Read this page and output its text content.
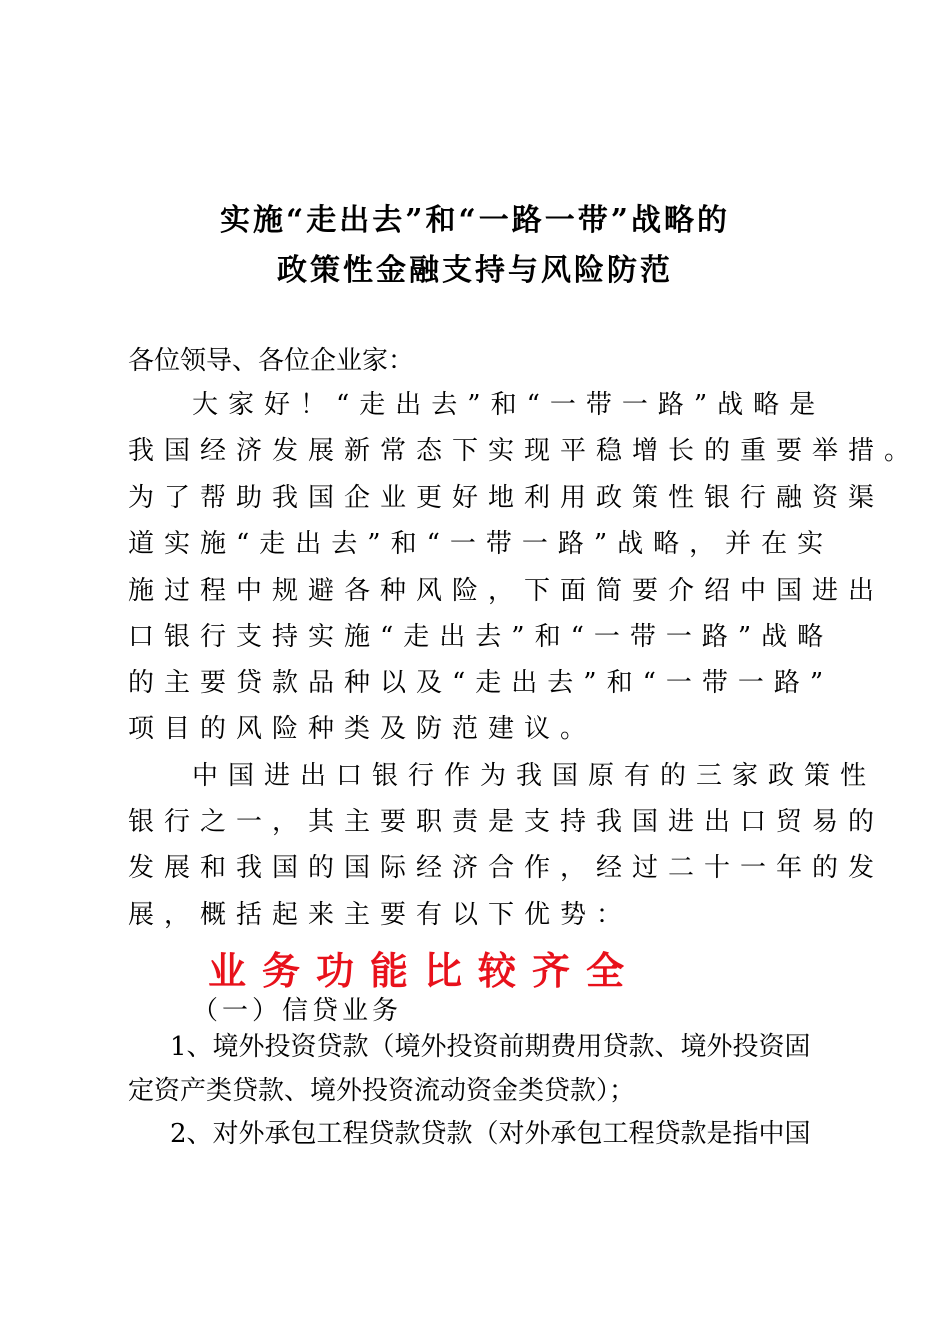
实施“走出去”和“一路一带”战略的
政策性金融支持与风险防范
各位领导、各位企业家：
大家好！“走出去”和“一带一路”战略是
我国经济发展新常态下实现平稳增长的重要举措。
为了帮助我国企业更好地利用政策性银行融资渠
道实施“走出去”和“一带一路”战略，并在实
施过程中规避各种风险，下面简要介绍中国进出
口银行支持实施“走出去”和“一带一路”战略
的主要贷款品种以及“走出去”和“一带一路”
项目的风险种类及防范建议。
中国进出口银行作为我国原有的三家政策性
银行之一，其主要职责是支持我国进出口贸易的
发展和我国的国际经济合作，经过二十一年的发
展，概括起来主要有以下优势：
业务功能比较齐全
（一）信贷业务
1、境外投资贷款（境外投资前期费用贷款、境外投资固
定资产类贷款、境外投资流动资金类贷款）；
2、对外承包工程贷款贷款（对外承包工程贷款是指中国
